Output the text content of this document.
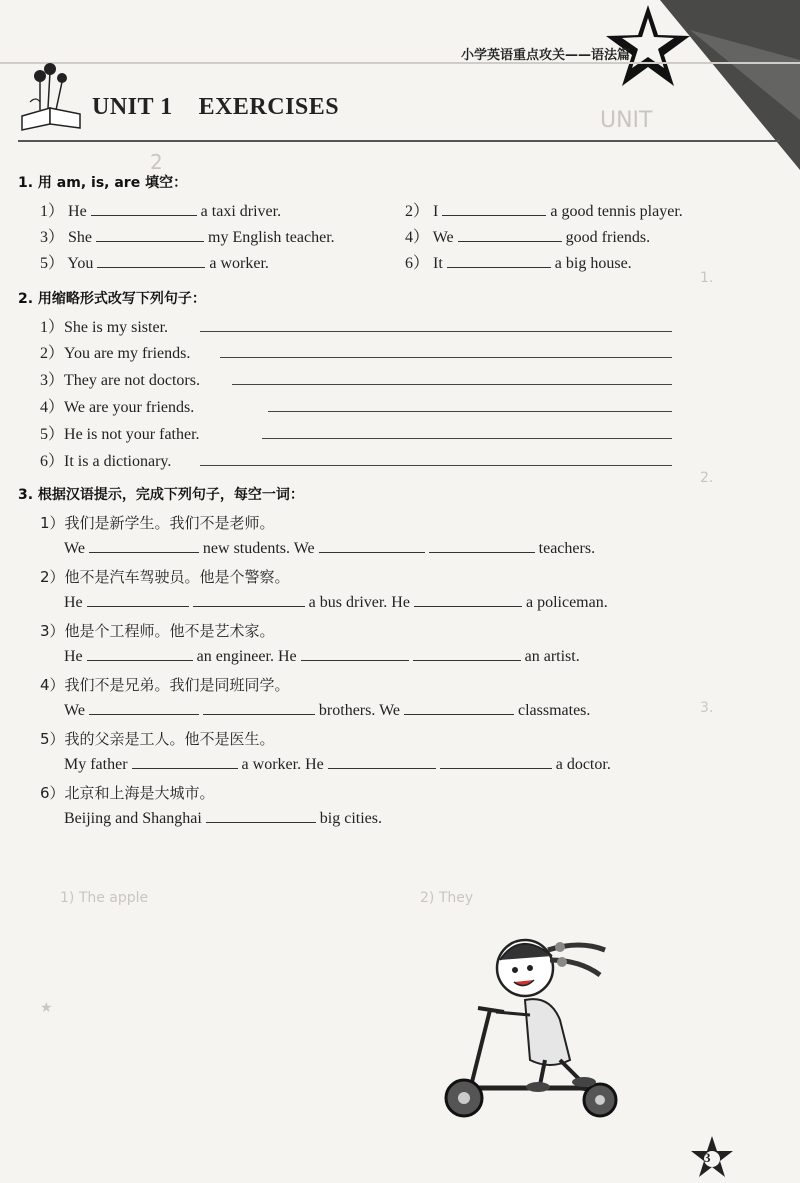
UNIT
2
1.
2.
3.
小学英语重点攻关——语法篇
UNIT 1    EXERCISES
1. 用 am, is, are 填空：
1） He	a taxi driver.	2） I	a good tennis player.
3） She	my English teacher.	4） We	good friends.
5） You	a worker.	6） It	a big house.
2. 用缩略形式改写下列句子：
1）She is my sister.
2）You are my friends.
3）They are not doctors.
4）We are your friends.
5）He is not your father.
6）It is a dictionary.
3. 根据汉语提示，完成下列句子，每空一词：
1）我们是新学生。我们不是老师。
We	new students. We	teachers.
2）他不是汽车驾驶员。他是个警察。
He	a bus driver. He	a policeman.
3）他是个工程师。他不是艺术家。
He	an engineer. He	an artist.
4）我们不是兄弟。我们是同班同学。
We	brothers. We	classmates.
5）我的父亲是工人。他不是医生。
My father	a worker. He	a doctor.
6）北京和上海是大城市。
Beijing and Shanghai	big cities.
1) The apple	2) They
★
3
